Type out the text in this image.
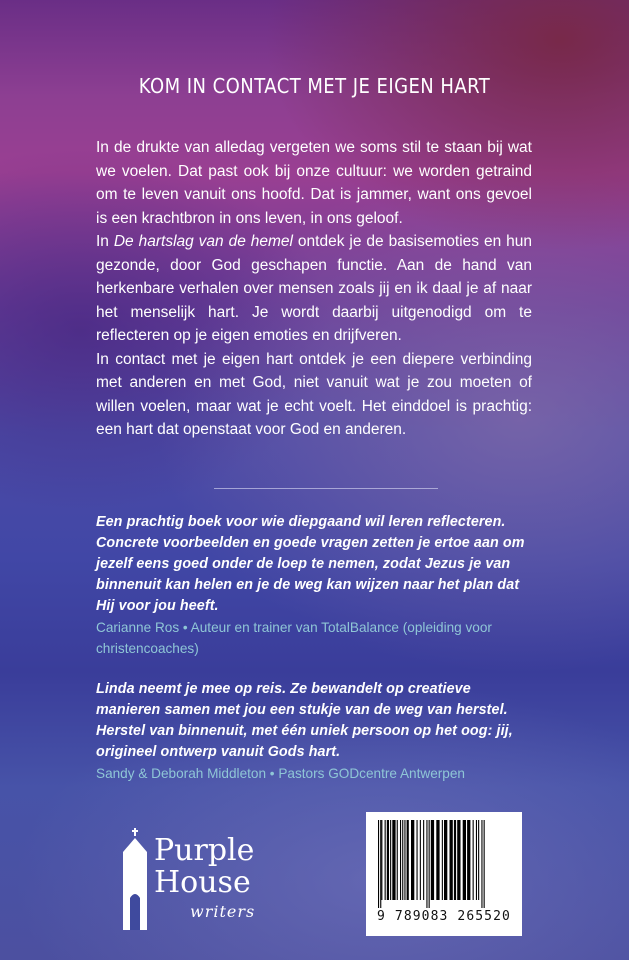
KOM IN CONTACT MET JE EIGEN HART

In de drukte van alledag vergeten we soms stil te staan bij wat we voelen. Dat past ook bij onze cultuur: we worden getraind om te leven vanuit ons hoofd. Dat is jammer, want ons gevoel is een krachtbron in ons leven, in ons geloof.

In De hartslag van de hemel ontdek je de basisemoties en hun gezonde, door God geschapen functie. Aan de hand van herkenbare verhalen over mensen zoals jij en ik daal je af naar het menselijk hart. Je wordt daarbij uitgenodigd om te reflecteren op je eigen emoties en drijfveren.

In contact met je eigen hart ontdek je een diepere verbinding met anderen en met God, niet vanuit wat je zou moeten of willen voelen, maar wat je echt voelt. Het einddoel is prachtig: een hart dat openstaat voor God en anderen.

Een prachtig boek voor wie diepgaand wil leren reflecteren. Concrete voorbeelden en goede vragen zetten je ertoe aan om jezelf eens goed onder de loep te nemen, zodat Jezus je van binnenuit kan helen en je de weg kan wijzen naar het plan dat Hij voor jou heeft.
Carianne Ros • Auteur en trainer van TotalBalance (opleiding voor christencoaches)
Linda neemt je mee op reis. Ze bewandelt op creatieve manieren samen met jou een stukje van de weg van herstel. Herstel van binnenuit, met één uniek persoon op het oog: jij, origineel ontwerp vanuit Gods hart.
Sandy & Deborah Middleton • Pastors GODcentre Antwerpen
Purple
House
writers	9 789083 265520
